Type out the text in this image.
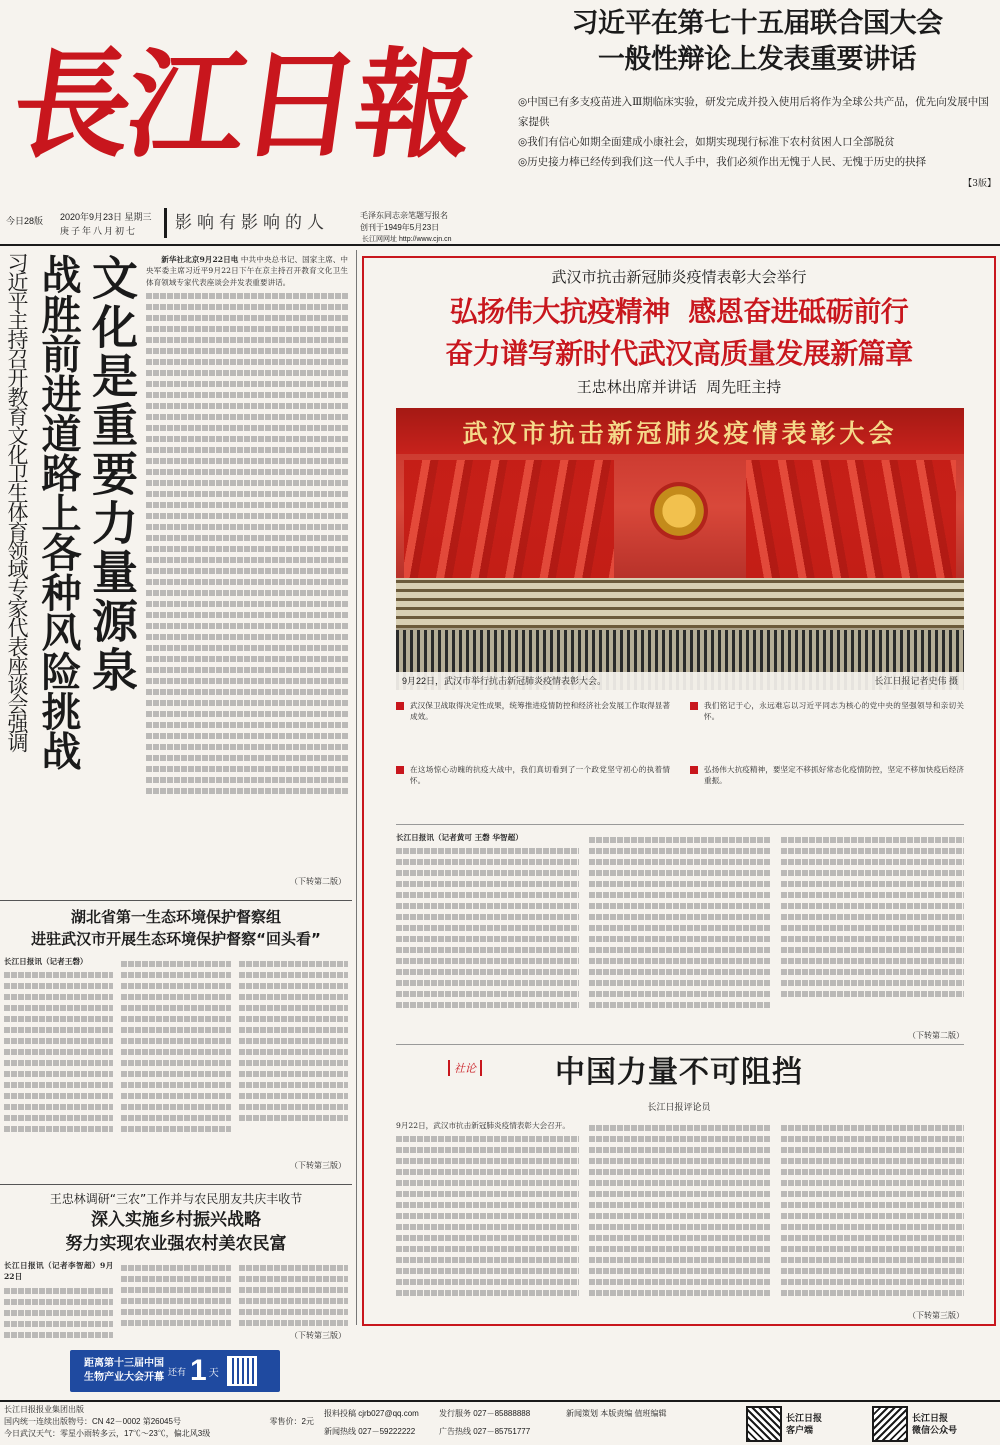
長江日報
今日28版 2020年9月23日 星期三
庚子年八月初七	影响有影响的人	毛泽东同志亲笔题写报名
创刊于1949年5月23日
长江网网址 http://www.cjn.cn
习近平在第七十五届联合国大会
一般性辩论上发表重要讲话
◎中国已有多支疫苗进入Ⅲ期临床实验，研发完成并投入使用后将作为全球公共产品，优先向发展中国家提供
◎我们有信心如期全面建成小康社会，如期实现现行标准下农村贫困人口全部脱贫
◎历史接力棒已经传到我们这一代人手中，我们必须作出无愧于人民、无愧于历史的抉择
【3版】
习近平主持召开教育文化卫生体育领域专家代表座谈会强调 战胜前进道路上各种风险挑战 文化是重要力量源泉	新华社北京9月22日电 中共中央总书记、国家主席、中央军委主席习近平9月22日下午在京主持召开教育文化卫生体育领域专家代表座谈会并发表重要讲话。

（下转第二版）
湖北省第一生态环境保护督察组
进驻武汉市开展生态环境保护督察“回头看”
长江日报讯（记者王磬）
（下转第三版）
王忠林调研“三农”工作并与农民朋友共庆丰收节
深入实施乡村振兴战略
努力实现农业强农村美农民富
长江日报讯（记者李智超）9月22日
（下转第三版）
距离第十三届中国
生物产业大会开幕 还有 1 天
武汉市抗击新冠肺炎疫情表彰大会举行
弘扬伟大抗疫精神  感恩奋进砥砺前行
奋力谱写新时代武汉高质量发展新篇章
王忠林出席并讲话  周先旺主持
武汉市抗击新冠肺炎疫情表彰大会
9月22日，武汉市举行抗击新冠肺炎疫情表彰大会。	长江日报记者史伟 摄
武汉保卫战取得决定性成果，统筹推进疫情防控和经济社会发展工作取得显著成效。
我们铭记于心，永远难忘以习近平同志为核心的党中央的坚强领导和亲切关怀。
在这场惊心动魄的抗疫大战中，我们真切看到了一个政党坚守初心的执着情怀。
弘扬伟大抗疫精神，要坚定不移抓好常态化疫情防控，坚定不移加快疫后经济重振。
长江日报讯（记者黄可 王磬 华智超）
（下转第二版）
社论	中国力量不可阻挡
长江日报评论员
9月22日，武汉市抗击新冠肺炎疫情表彰大会召开。
（下转第三版）
长江日报报业集团出版
国内统一连续出版物号：CN 42－0002 第26045号	零售价：2元
今日武汉天气：零星小雨转多云，17℃～23℃，偏北风3级
报料投稿 cjrb027@qq.com	发行服务 027－85888888
新闻热线 027－59222222	广告热线 027－85751777
新闻策划 本版责编 值班编辑	长江日报
客户端
长江日报
微信公众号
